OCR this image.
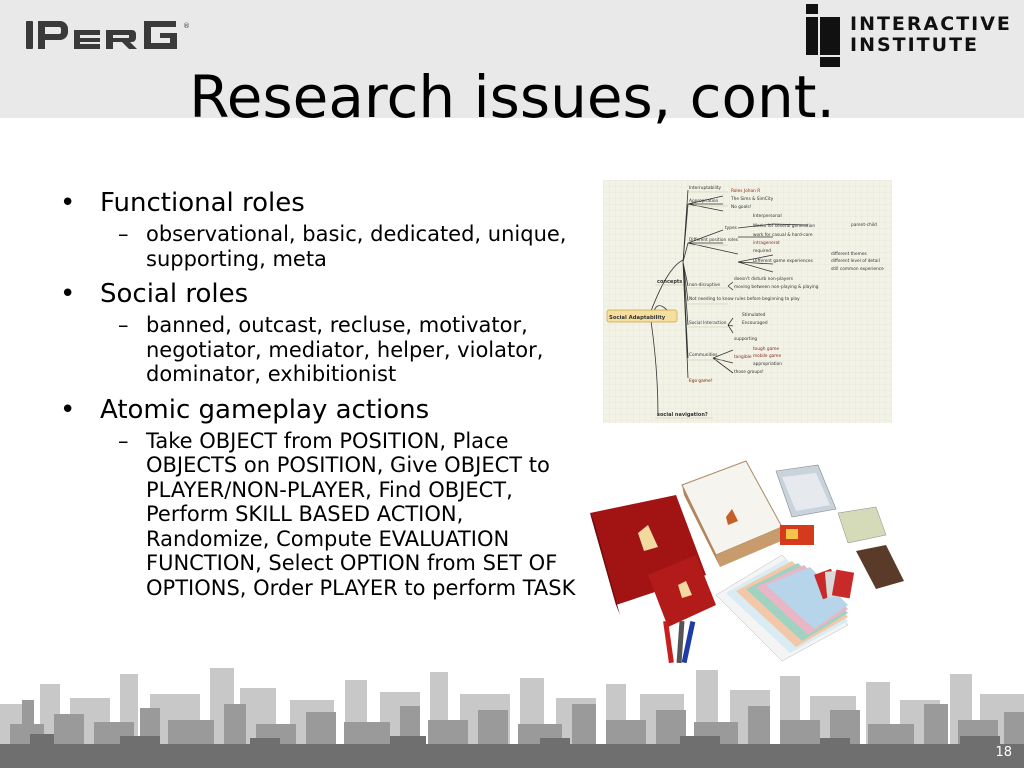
®	INTERACTIVE
INSTITUTE
Research issues, cont.
• Functional roles
– observational, basic, dedicated, unique, supporting, meta
• Social roles
– banned, outcast, recluse, motivator, negotiator, mediator, helper, violator, dominator, exhibitionist
• Atomic gameplay actions
– Take OBJECT from POSITION, Place OBJECTS on POSITION, Give OBJECT to PLAYER/NON-PLAYER, Find OBJECT, Perform SKILL BASED ACTION, Randomize, Compute EVALUATION FUNCTION, Select OPTION from SET OF OPTIONS, Order PLAYER to perform TASK
Social Adaptability
concepts
social navigation?
Interruptability
Appropriation
Roles Johan R
The Sims & SimCity
No goals!
Different position roles
Interpersonal
types	Works for several generation	parent-child
work for casual & hard-core
intragenerat
Different game experiences
different themes
different level of detail
still common experience
required
non-disruptive
doesn't disturb non-players
moving between non-playing & playing
Not needing to know rules before beginning to play
Social Interaction
Stimulated
Encouraged
Communities
supporting
tough game
mobile game
appropriation
tangible
those groups!
Ego game!
18
